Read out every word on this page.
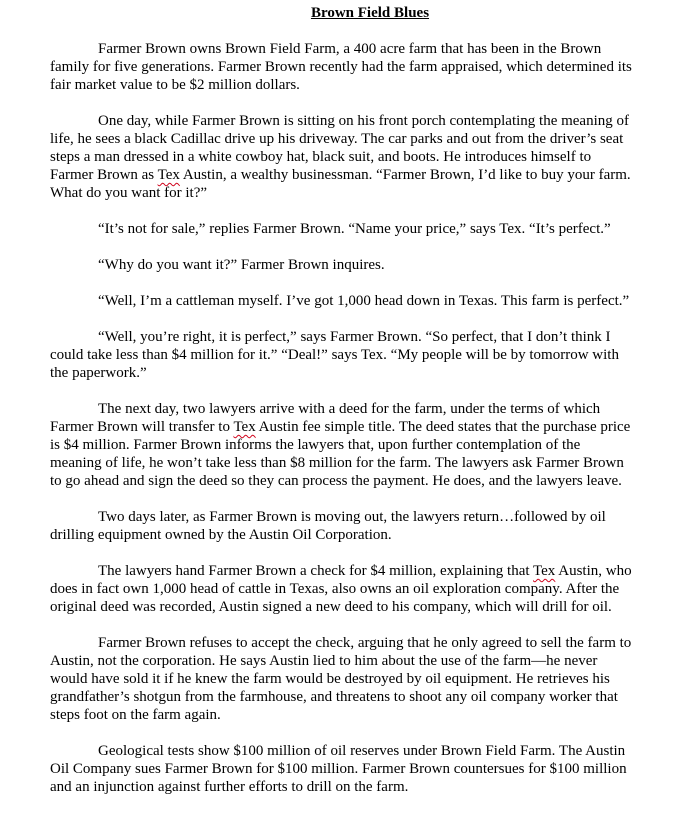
Brown Field Blues
Farmer Brown owns Brown Field Farm, a 400 acre farm that has been in the Brown
family for five generations. Farmer Brown recently had the farm appraised, which determined its
fair market value to be $2 million dollars.
One day, while Farmer Brown is sitting on his front porch contemplating the meaning of
life, he sees a black Cadillac drive up his driveway. The car parks and out from the driver’s seat
steps a man dressed in a white cowboy hat, black suit, and boots. He introduces himself to
Farmer Brown as Tex Austin, a wealthy businessman. “Farmer Brown, I’d like to buy your farm.
What do you want for it?”
“It’s not for sale,” replies Farmer Brown. “Name your price,” says Tex. “It’s perfect.”
“Why do you want it?” Farmer Brown inquires.
“Well, I’m a cattleman myself. I’ve got 1,000 head down in Texas. This farm is perfect.”
“Well, you’re right, it is perfect,” says Farmer Brown. “So perfect, that I don’t think I
could take less than $4 million for it.” “Deal!” says Tex. “My people will be by tomorrow with
the paperwork.”
The next day, two lawyers arrive with a deed for the farm, under the terms of which
Farmer Brown will transfer to Tex Austin fee simple title. The deed states that the purchase price
is $4 million. Farmer Brown informs the lawyers that, upon further contemplation of the
meaning of life, he won’t take less than $8 million for the farm. The lawyers ask Farmer Brown
to go ahead and sign the deed so they can process the payment. He does, and the lawyers leave.
Two days later, as Farmer Brown is moving out, the lawyers return…followed by oil
drilling equipment owned by the Austin Oil Corporation.
The lawyers hand Farmer Brown a check for $4 million, explaining that Tex Austin, who
does in fact own 1,000 head of cattle in Texas, also owns an oil exploration company. After the
original deed was recorded, Austin signed a new deed to his company, which will drill for oil.
Farmer Brown refuses to accept the check, arguing that he only agreed to sell the farm to
Austin, not the corporation. He says Austin lied to him about the use of the farm—he never
would have sold it if he knew the farm would be destroyed by oil equipment. He retrieves his
grandfather’s shotgun from the farmhouse, and threatens to shoot any oil company worker that
steps foot on the farm again.
Geological tests show $100 million of oil reserves under Brown Field Farm. The Austin
Oil Company sues Farmer Brown for $100 million. Farmer Brown countersues for $100 million
and an injunction against further efforts to drill on the farm.
